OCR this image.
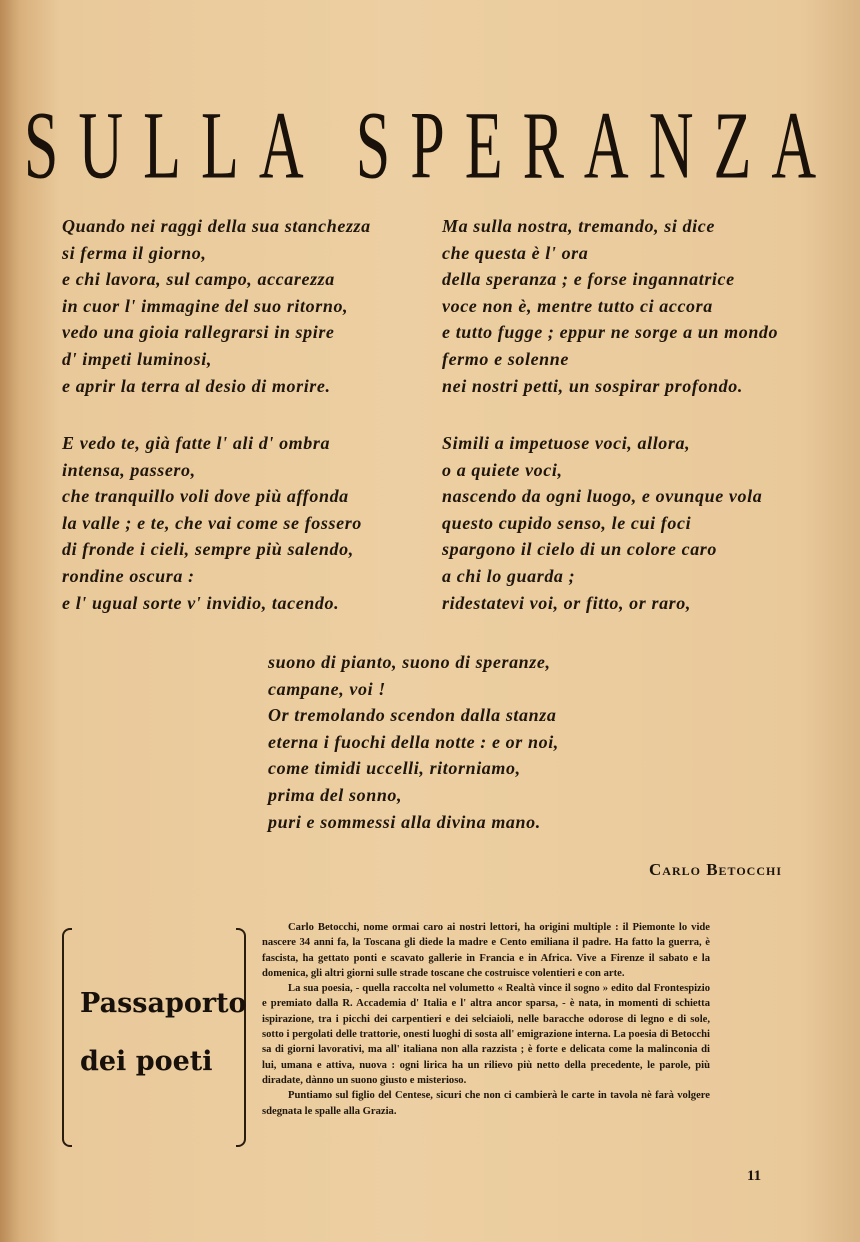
SULLA SPERANZA
Quando nei raggi della sua stanchezza
si ferma il giorno,
e chi lavora, sul campo, accarezza
in cuor l' immagine del suo ritorno,
vedo una gioia rallegrarsi in spire
d' impeti luminosi,
e aprir la terra al desio di morire.
Ma sulla nostra, tremando, si dice
che questa è l' ora
della speranza ; e forse ingannatrice
voce non è, mentre tutto ci accora
e tutto fugge ; eppur ne sorge a un mondo
fermo e solenne
nei nostri petti, un sospirar profondo.
E vedo te, già fatte l' ali d' ombra
intensa, passero,
che tranquillo voli dove più affonda
la valle ; e te, che vai come se fossero
di fronde i cieli, sempre più salendo,
rondine oscura :
e l' ugual sorte v' invidio, tacendo.
Simili a impetuose voci, allora,
o a quiete voci,
nascendo da ogni luogo, e ovunque vola
questo cupido senso, le cui foci
spargono il cielo di un colore caro
a chi lo guarda ;
ridestatevi voi, or fitto, or raro,
suono di pianto, suono di speranze,
campane, voi !
Or tremolando scendon dalla stanza
eterna i fuochi della notte : e or noi,
come timidi uccelli, ritorniamo,
prima del sonno,
puri e sommessi alla divina mano.
Carlo Betocchi
Passaporto
dei poeti

Carlo Betocchi, nome ormai caro ai nostri lettori, ha origini multiple : il Piemonte lo vide nascere 34 anni fa, la Toscana gli diede la madre e Cento emiliana il padre. Ha fatto la guerra, è fascista, ha gettato ponti e scavato gallerie in Francia e in Africa. Vive a Firenze il sabato e la domenica, gli altri giorni sulle strade toscane che costruisce volentieri e con arte.

La sua poesia, - quella raccolta nel volumetto « Realtà vince il sogno » edito dal Frontespizio e premiato dalla R. Accademia d' Italia e l' altra ancor sparsa, - è nata, in momenti di schietta ispirazione, tra i picchi dei carpentieri e dei selciaioli, nelle baracche odorose di legno e di sole, sotto i pergolati delle trattorie, onesti luoghi di sosta all' emigrazione interna. La poesia di Betocchi sa di giorni lavorativi, ma all' italiana non alla razzista ; è forte e delicata come la malinconia di lui, umana e attiva, nuova : ogni lirica ha un rilievo più netto della precedente, le parole, più diradate, dànno un suono giusto e misterioso.

Puntiamo sul figlio del Centese, sicuri che non ci cambierà le carte in tavola nè farà volgere sdegnata le spalle alla Grazia.

11
